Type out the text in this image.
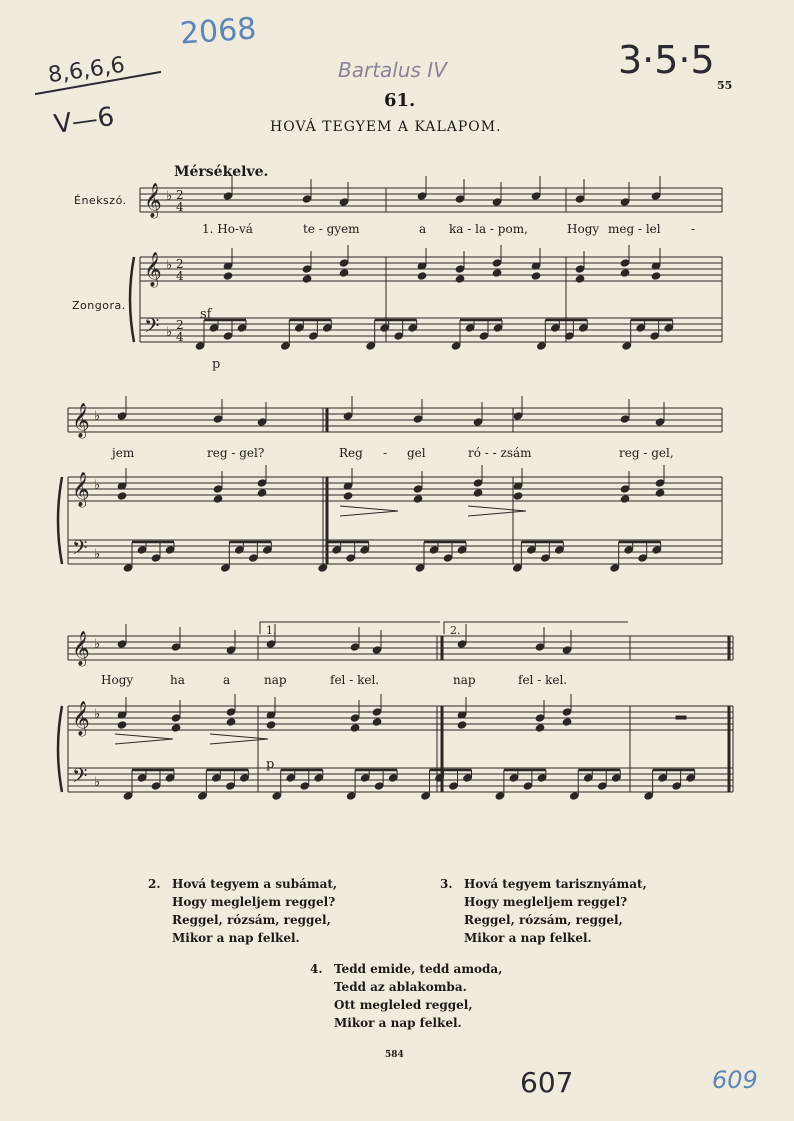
2068
8,6,6,6
V—6
Bartalus IV	3·5·5
55
61.
HOVÁ TEGYEM A KALAPOM.
Mérsékelve.
Énekszó.
Zongora.
𝄞
𝄞
𝄢
♭
♭
♭
2
4
2
4
2
4
𝄞
𝄞
𝄢
♭
♭
♭
𝄞
𝄞
𝄢
♭
♭
♭
1.	2.
sf
p
p
1. Ho-vá	te - gyem	a ka - la - pom,	Hogy meg - lel	-
jem	reg - gel?	Reg - gel	ró - - zsám	reg - gel,
Hogy	ha	a	nap	fel - kel.	nap	fel - kel.
2. Hová tegyem a subámat,
Hogy megleljem reggel?
Reggel, rózsám, reggel,
Mikor a nap felkel.
3. Hová tegyem tarisznyámat,
Hogy megleljem reggel?
Reggel, rózsám, reggel,
Mikor a nap felkel.
4. Tedd emide, tedd amoda,
Tedd az ablakomba.
Ott megleled reggel,
Mikor a nap felkel.
584
607	609
